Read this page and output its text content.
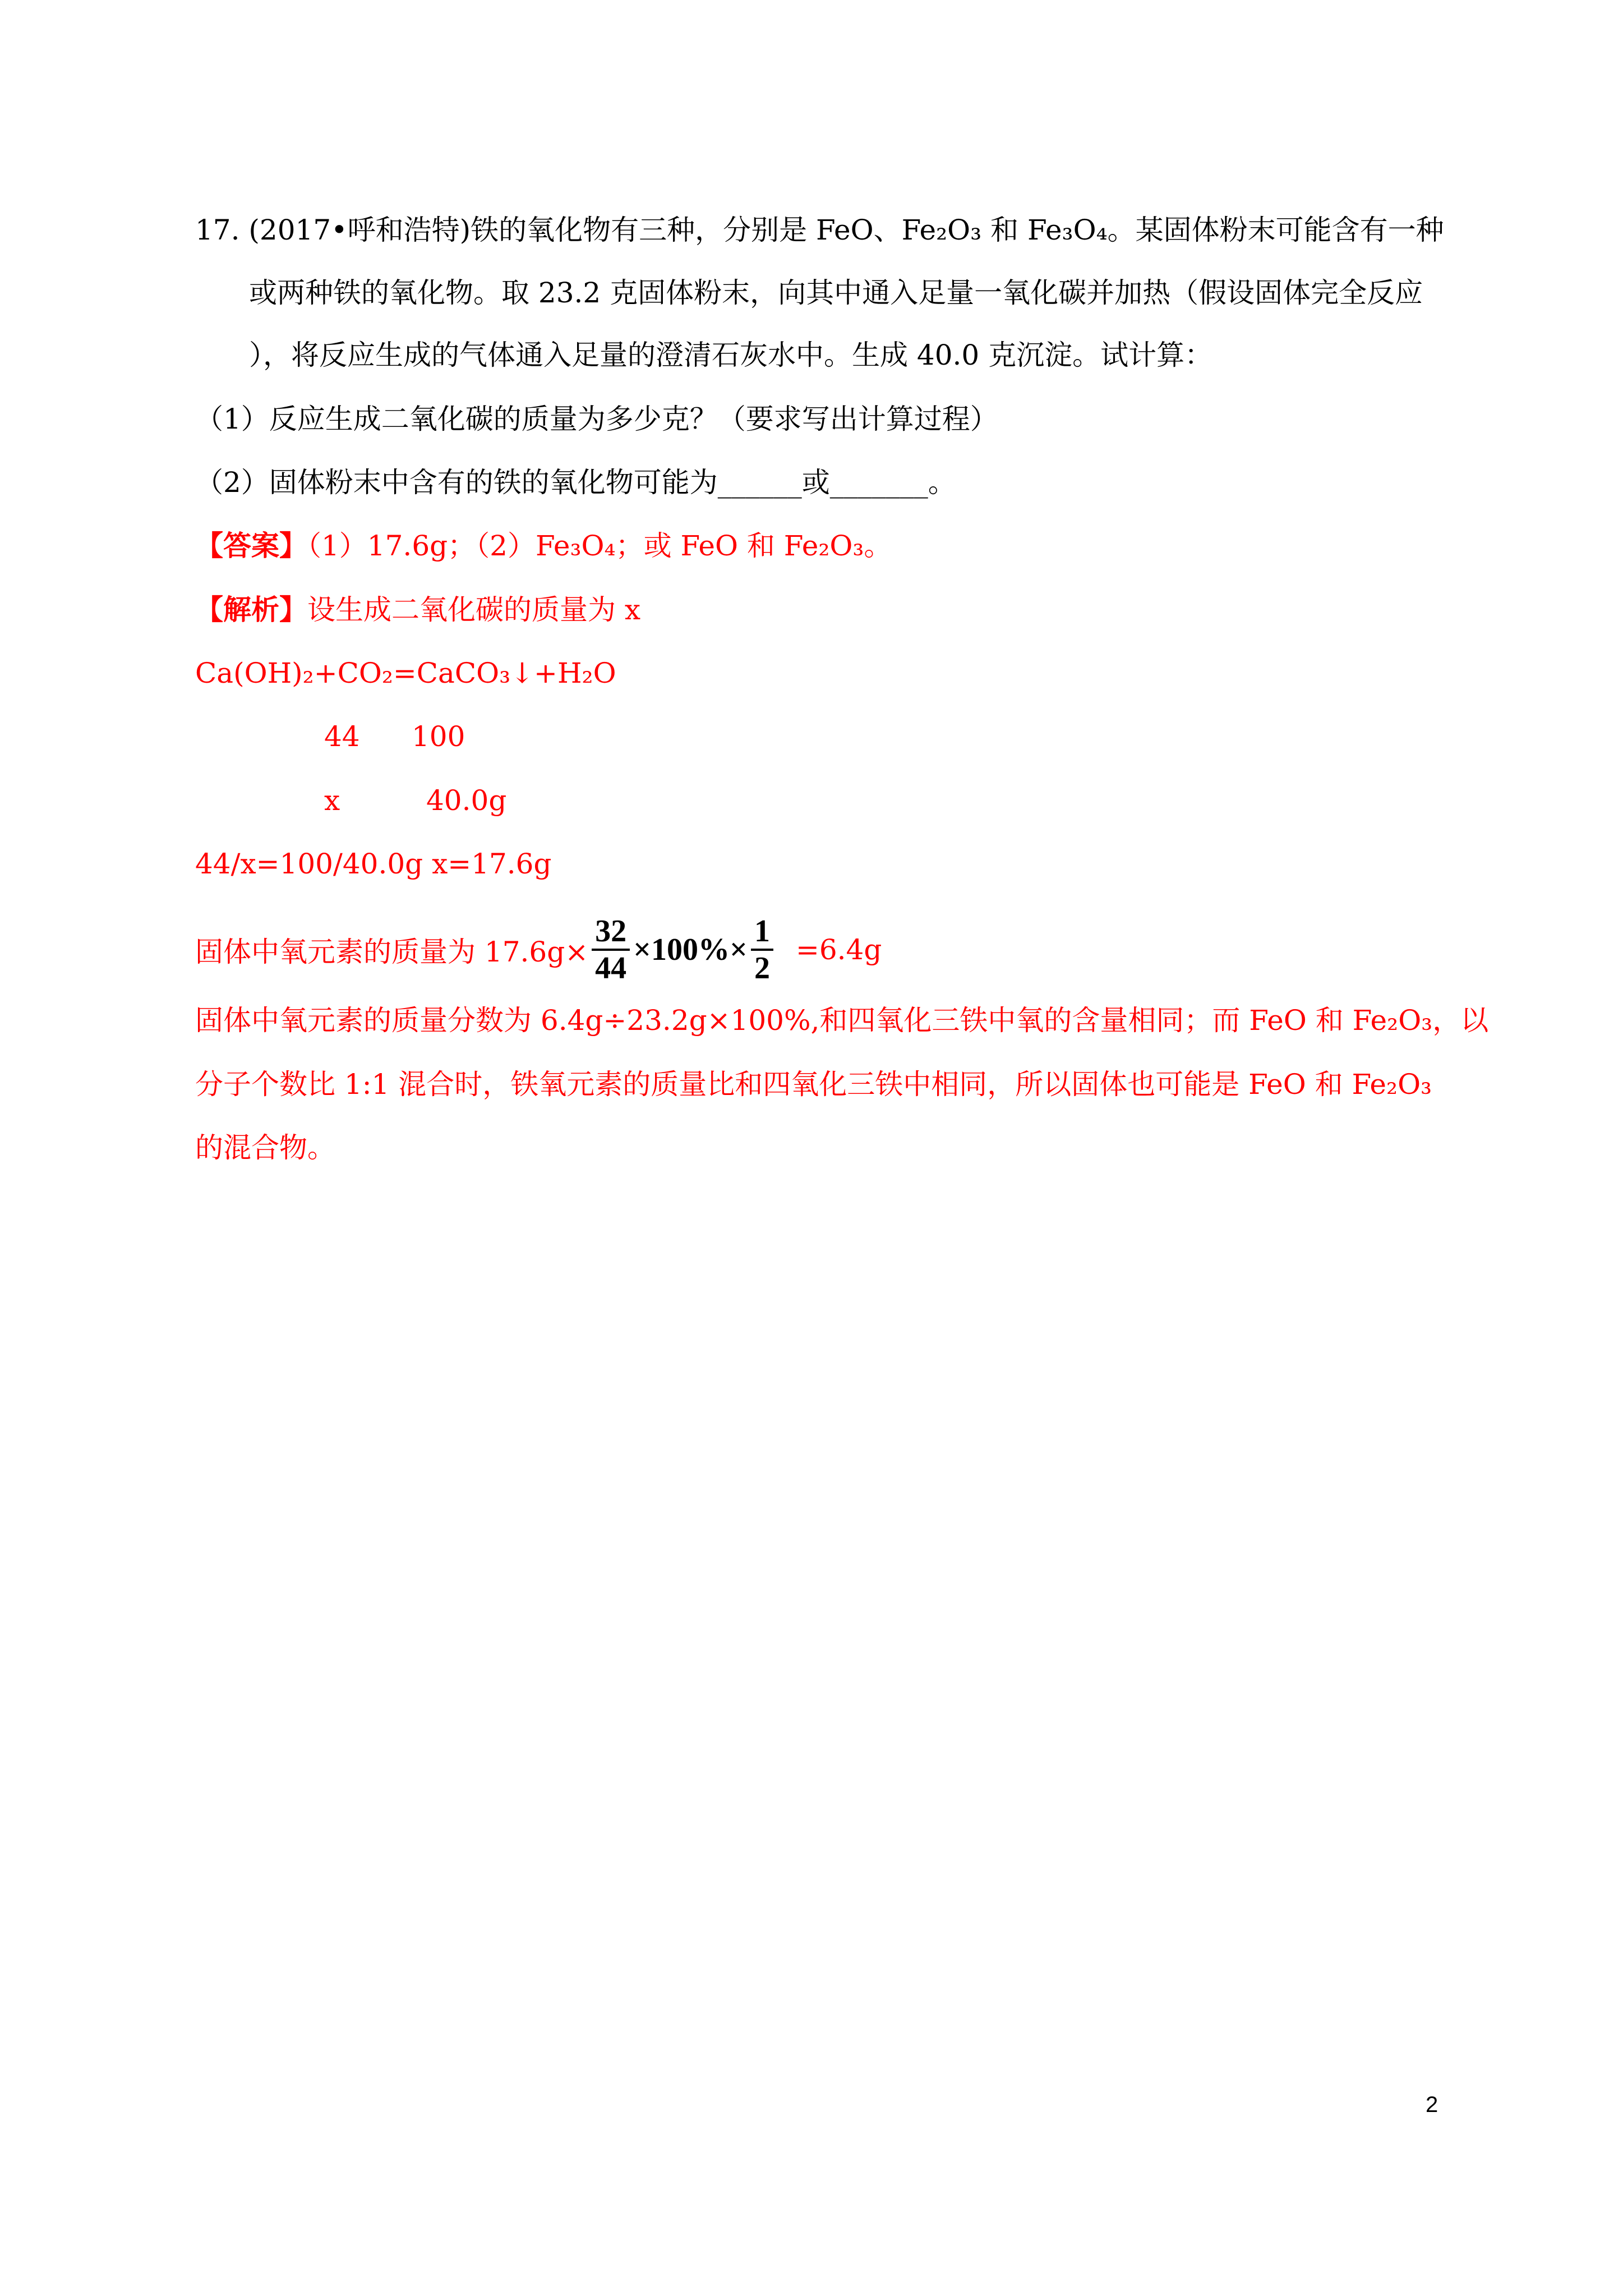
17. (2017•呼和浩特)铁的氧化物有三种，分别是 FeO、Fe₂O₃ 和 Fe₃O₄。某固体粉末可能含有一种
或两种铁的氧化物。取 23.2 克固体粉末，向其中通入足量一氧化碳并加热（假设固体完全反应
），将反应生成的气体通入足量的澄清石灰水中。生成 40.0 克沉淀。试计算：
（1）反应生成二氧化碳的质量为多少克？（要求写出计算过程）
（2）固体粉末中含有的铁的氧化物可能为______或_______。
【答案】（1）17.6g；（2）Fe₃O₄；或 FeO 和 Fe₂O₃。
【解析】设生成二氧化碳的质量为 x
Ca(OH)₂+CO₂=CaCO₃↓+H₂O
44 100
x	40.0g
44/x=100/40.0g x=17.6g
固体中氧元素的质量为 $17.6g\times \frac{32}{44} \times 100\%\times \frac{1}{2} =6.4g$
固体中氧元素的质量分数为 6.4g÷23.2g×100%,和四氧化三铁中氧的含量相同；而 FeO 和 Fe₂O₃，以
分子个数比 1:1 混合时，铁氧元素的质量比和四氧化三铁中相同，所以固体也可能是 FeO 和 Fe₂O₃
的混合物。
2
